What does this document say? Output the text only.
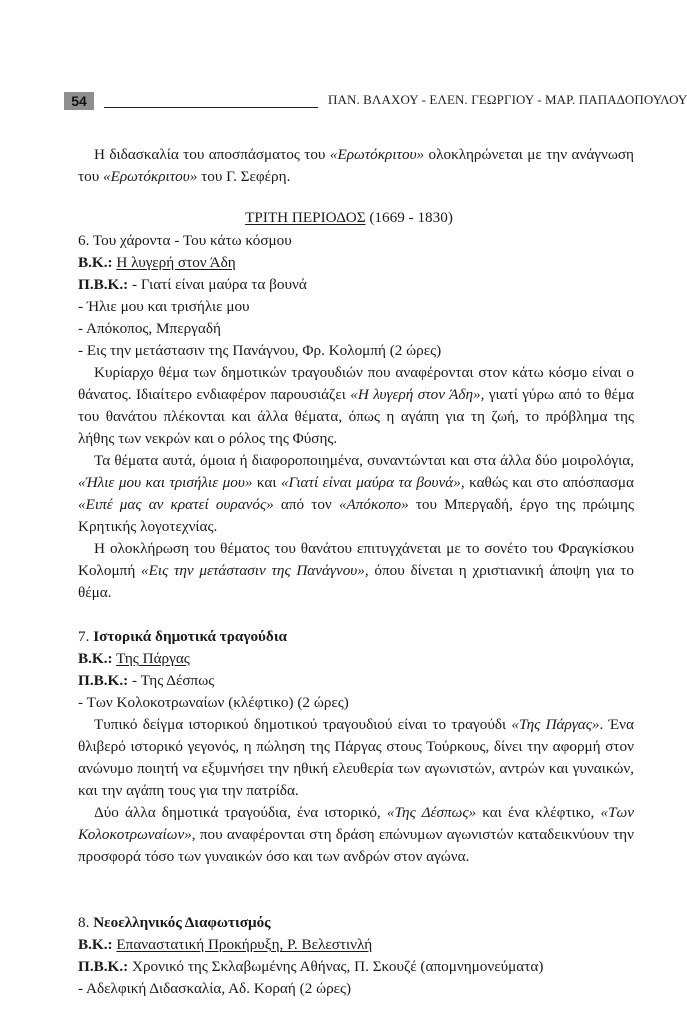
54	ΠΑΝ. ΒΛΑΧΟΥ - ΕΛΕΝ. ΓΕΩΡΓΙΟΥ - ΜΑΡ. ΠΑΠΑΔΟΠΟΥΛΟΥ

Η διδασκαλία του αποσπάσματος του «Ερωτόκριτου» ολοκληρώνεται με την ανάγνωση του «Ερωτόκριτου» του Γ. Σεφέρη.

ΤΡΙΤΗ ΠΕΡΙΟΔΟΣ (1669 - 1830)

6. Του χάροντα - Του κάτω κόσμου

Β.Κ.: Η λυγερή στον Άδη

Π.Β.Κ.: - Γιατί είναι μαύρα τα βουνά

- Ήλιε μου και τρισήλιε μου

- Απόκοπος, Μπεργαδή

- Εις την μετάστασιν της Πανάγνου, Φρ. Κολομπή (2 ώρες)

Κυρίαρχο θέμα των δημοτικών τραγουδιών που αναφέρονται στον κάτω κόσμο είναι ο θάνατος. Ιδιαίτερο ενδιαφέρον παρουσιάζει «Η λυγερή στον Άδη», γιατί γύρω από το θέμα του θανάτου πλέκονται και άλλα θέματα, όπως η αγάπη για τη ζωή, το πρόβλημα της λήθης των νεκρών και ο ρόλος της Φύσης.

Τα θέματα αυτά, όμοια ή διαφοροποιημένα, συναντώνται και στα άλλα δύο μοιρολόγια, «Ήλιε μου και τρισήλιε μου» και «Γιατί είναι μαύρα τα βουνά», καθώς και στο απόσπασμα «Ειπέ μας αν κρατεί ουρανός» από τον «Απόκοπο» του Μπεργαδή, έργο της πρώιμης Κρητικής λογοτεχνίας.

Η ολοκλήρωση του θέματος του θανάτου επιτυγχάνεται με το σονέτο του Φραγκίσκου Κολομπή «Εις την μετάστασιν της Πανάγνου», όπου δίνεται η χριστιανική άποψη για το θέμα.

7. Ιστορικά δημοτικά τραγούδια

Β.Κ.: Της Πάργας

Π.Β.Κ.: - Της Δέσπως

- Των Κολοκοτρωναίων (κλέφτικο) (2 ώρες)

Τυπικό δείγμα ιστορικού δημοτικού τραγουδιού είναι το τραγούδι «Της Πάργας». Ένα θλιβερό ιστορικό γεγονός, η πώληση της Πάργας στους Τούρκους, δίνει την αφορμή στον ανώνυμο ποιητή να εξυμνήσει την ηθική ελευθερία των αγωνιστών, αντρών και γυναικών, και την αγάπη τους για την πατρίδα.

Δύο άλλα δημοτικά τραγούδια, ένα ιστορικό, «Της Δέσπως» και ένα κλέφτικο, «Των Κολοκοτρωναίων», που αναφέρονται στη δράση επώνυμων αγωνιστών καταδεικνύουν την προσφορά τόσο των γυναικών όσο και των ανδρών στον αγώνα.

8. Νεοελληνικός Διαφωτισμός

Β.Κ.: Επαναστατική Προκήρυξη, Ρ. Βελεστινλή

Π.Β.Κ.: Χρονικό της Σκλαβωμένης Αθήνας, Π. Σκουζέ (απομνημονεύματα)

- Αδελφική Διδασκαλία, Αδ. Κοραή (2 ώρες)
